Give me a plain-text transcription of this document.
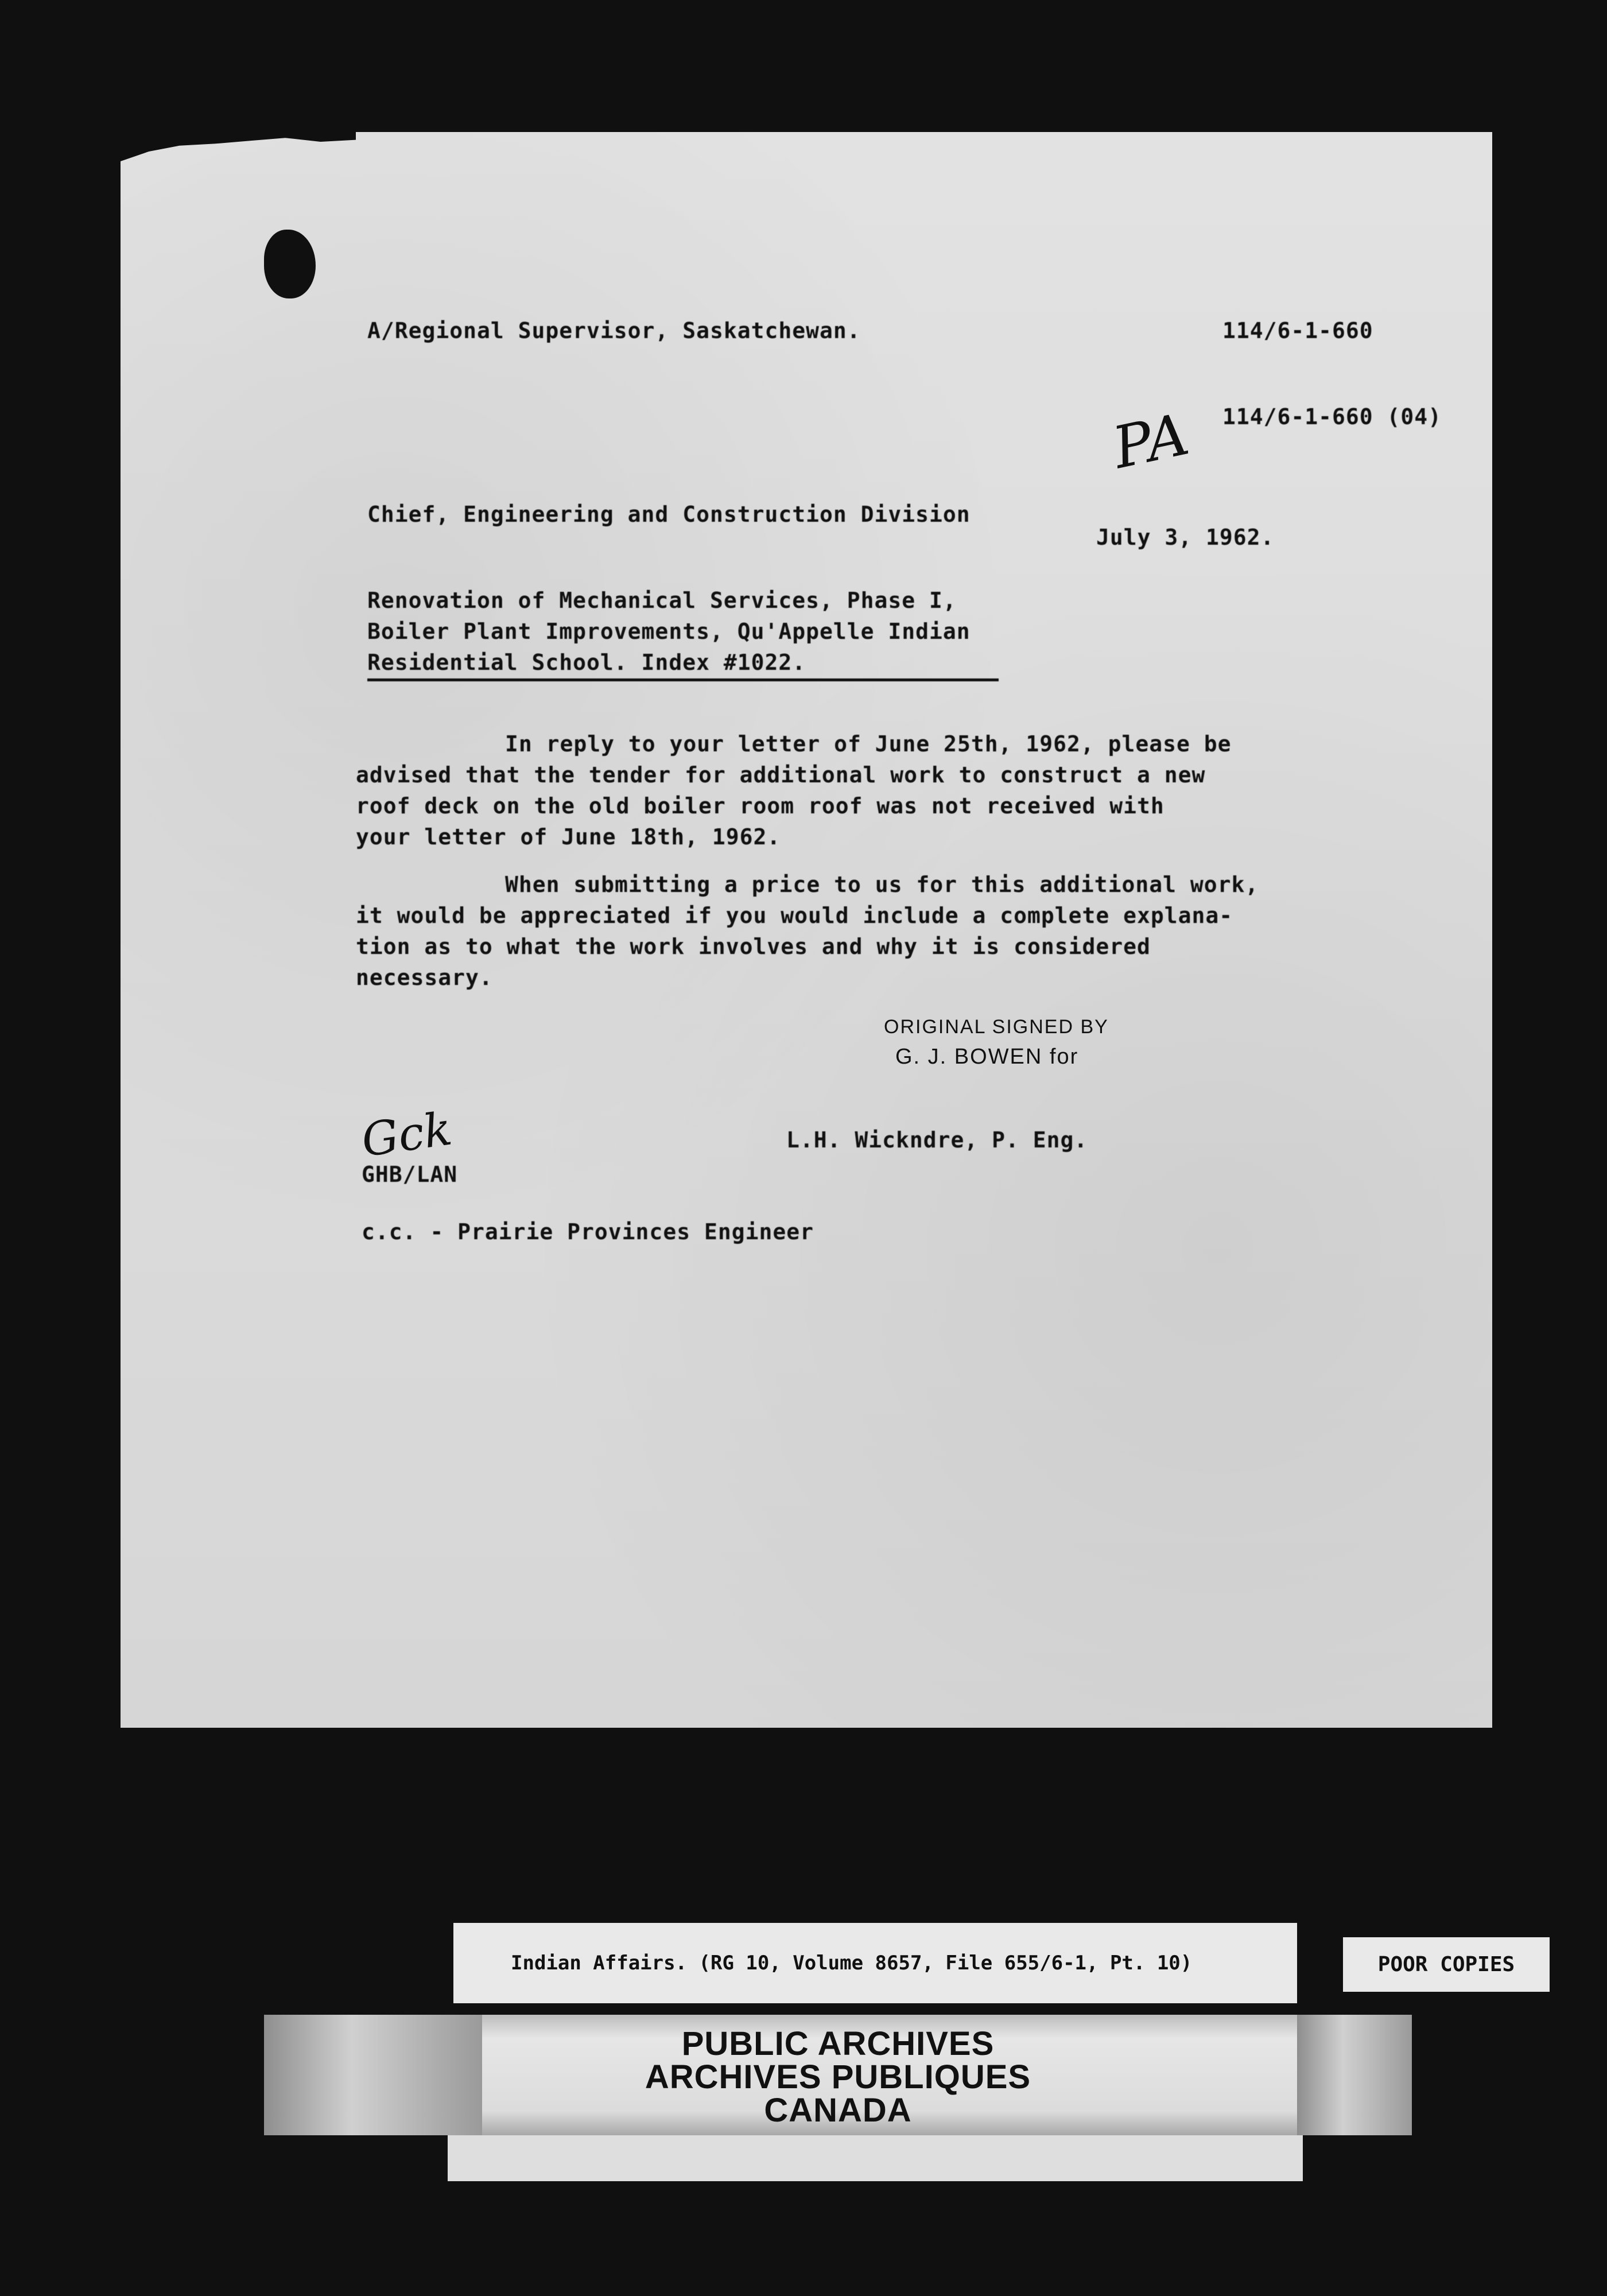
A/Regional Supervisor, Saskatchewan.	114/6-1-660
114/6-1-660 (04)
PA
Chief, Engineering and Construction Division
July 3, 1962.
Renovation of Mechanical Services, Phase I,
Boiler Plant Improvements, Qu'Appelle Indian
Residential School. Index #1022.
In reply to your letter of June 25th, 1962, please be
advised that the tender for additional work to construct a new
roof deck on the old boiler room roof was not received with
your letter of June 18th, 1962.
When submitting a price to us for this additional work,
it would be appreciated if you would include a complete explana-
tion as to what the work involves and why it is considered
necessary.
ORIGINAL SIGNED BY
G. J. BOWEN for
Gck	L.H. Wickndre, P. Eng.
GHB/LAN
c.c. - Prairie Provinces Engineer
Indian Affairs. (RG 10, Volume 8657, File 655/6-1, Pt. 10)	POOR COPIES
PUBLIC ARCHIVES
ARCHIVES PUBLIQUES
CANADA
